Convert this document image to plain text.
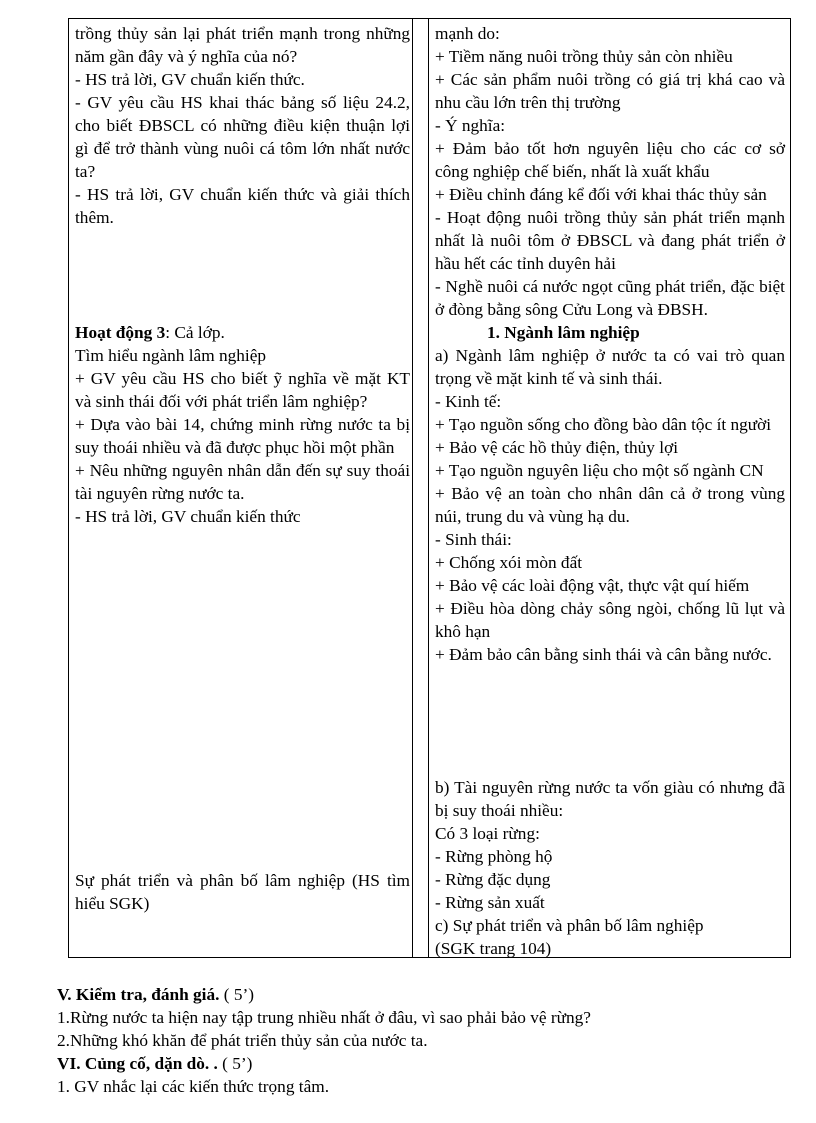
trồng thủy sản lại phát triển mạnh trong những năm gần đây và ý nghĩa của nó?

- HS trả lời, GV chuẩn kiến thức.

- GV yêu cầu HS khai thác bảng số liệu 24.2, cho biết ĐBSCL có những điều kiện thuận lợi gì để trở thành vùng nuôi cá tôm lớn nhất nước ta?

- HS trả lời, GV chuẩn kiến thức và giải thích thêm.

Hoạt động 3: Cả lớp.

Tìm hiểu ngành lâm nghiệp

+ GV yêu cầu HS cho biết ỹ nghĩa về mặt KT và sinh thái đối với phát triển lâm nghiệp?

+ Dựa vào bài 14, chứng minh rừng nước ta bị suy thoái nhiều và đã được phục hồi một phần

+ Nêu những nguyên nhân dẫn đến sự suy thoái tài nguyên rừng nước ta.

- HS trả lời, GV chuẩn kiến thức

Sự phát triển và phân bố lâm nghiệp (HS tìm hiểu SGK)

mạnh do:

+ Tiềm năng nuôi trồng thủy sản còn nhiều

+ Các sản phẩm nuôi trồng có giá trị khá cao và nhu cầu lớn trên thị trường

- Ý nghĩa:

+ Đảm bảo tốt hơn nguyên liệu cho các cơ sở công nghiệp chế biến, nhất là xuất khẩu

+ Điều chỉnh đáng kể đối với khai thác thủy sản

- Hoạt động nuôi trồng thủy sản phát triển mạnh nhất là nuôi tôm ở ĐBSCL và đang phát triển ở hầu hết các tỉnh duyên hải

- Nghề nuôi cá nước ngọt cũng phát triển, đặc biệt ở đòng bằng sông Cửu Long và ĐBSH.

1. Ngành lâm nghiệp

a) Ngành lâm nghiệp ở nước ta có vai trò quan trọng về mặt kinh tế và sinh thái.

- Kinh tế:

+ Tạo nguồn sống cho đồng bào dân tộc ít người

+ Bảo vệ các hồ thủy điện, thủy lợi

+ Tạo nguồn nguyên liệu cho một số ngành CN

+ Bảo vệ an toàn cho nhân dân cả ở trong vùng núi, trung du và vùng hạ du.

- Sinh thái:

+ Chống xói mòn đất

+ Bảo vệ các loài động vật, thực vật quí hiếm

+ Điều hòa dòng chảy sông ngòi, chống lũ lụt và khô hạn

+ Đảm bảo cân bằng sinh thái và cân bằng nước.

b) Tài nguyên rừng nước ta vốn giàu có nhưng đã bị suy thoái nhiều:

Có 3 loại rừng:

- Rừng phòng hộ

- Rừng đặc dụng

- Rừng sản xuất

c) Sự phát triển và phân bố lâm nghiệp

(SGK trang 104)

V. Kiểm tra, đánh giá. ( 5’)

1.Rừng nước ta hiện nay tập trung nhiều nhất ở đâu, vì sao phải bảo vệ rừng?

2.Những khó khăn để phát triển thủy sản của nước ta.

VI. Củng cố, dặn dò. . ( 5’)

1. GV nhắc lại các kiến thức trọng tâm.
